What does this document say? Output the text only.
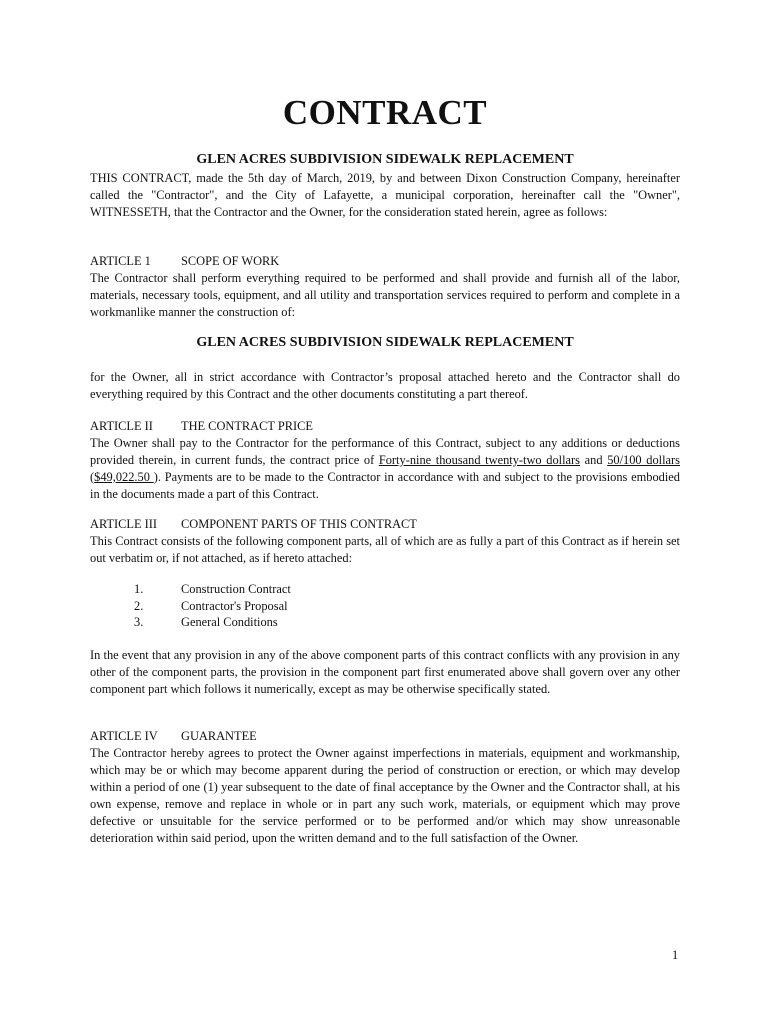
CONTRACT
GLEN ACRES SUBDIVISION SIDEWALK REPLACEMENT

THIS CONTRACT, made the 5th day of March, 2019, by and between Dixon Construction Company, hereinafter called the "Contractor", and the City of Lafayette, a municipal corporation, hereinafter call the "Owner", WITNESSETH, that the Contractor and the Owner, for the consideration stated herein, agree as follows:

ARTICLE 1 SCOPE OF WORK

The Contractor shall perform everything required to be performed and shall provide and furnish all of the labor, materials, necessary tools, equipment, and all utility and transportation services required to perform and complete in a workmanlike manner the construction of:

GLEN ACRES SUBDIVISION SIDEWALK REPLACEMENT

for the Owner, all in strict accordance with Contractor’s proposal attached hereto and the Contractor shall do everything required by this Contract and the other documents constituting a part thereof.

ARTICLE II THE CONTRACT PRICE

The Owner shall pay to the Contractor for the performance of this Contract, subject to any additions or deductions provided therein, in current funds, the contract price of Forty-nine thousand twenty-two dollars and 50/100 dollars ($49,022.50 ). Payments are to be made to the Contractor in accordance with and subject to the provisions embodied in the documents made a part of this Contract.

ARTICLE III COMPONENT PARTS OF THIS CONTRACT

This Contract consists of the following component parts, all of which are as fully a part of this Contract as if herein set out verbatim or, if not attached, as if hereto attached:

1.	Construction Contract
2.	Contractor's Proposal
3.	General Conditions

In the event that any provision in any of the above component parts of this contract conflicts with any provision in any other of the component parts, the provision in the component part first enumerated above shall govern over any other component part which follows it numerically, except as may be otherwise specifically stated.

ARTICLE IV GUARANTEE

The Contractor hereby agrees to protect the Owner against imperfections in materials, equipment and workmanship, which may be or which may become apparent during the period of construction or erection, or which may develop within a period of one (1) year subsequent to the date of final acceptance by the Owner and the Contractor shall, at his own expense, remove and replace in whole or in part any such work, materials, or equipment which may prove defective or unsuitable for the service performed or to be performed and/or which may show unreasonable deterioration within said period, upon the written demand and to the full satisfaction of the Owner.

1
